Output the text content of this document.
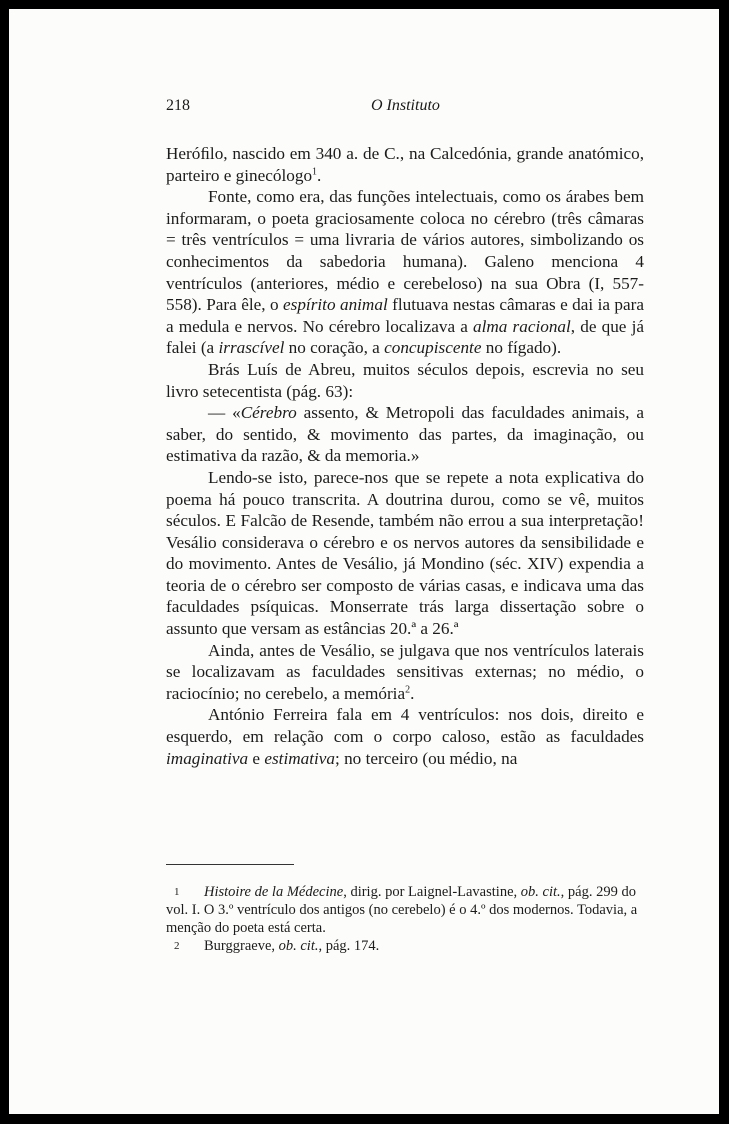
218	O Instituto

Heróﬁlo, nascido em 340 a. de C., na Calcedónia, grande anatómico, parteiro e ginecólogo$^1$.

Fonte, como era, das funções intelectuais, como os árabes bem informaram, o poeta graciosamente coloca no cérebro (três câmaras = três ventrículos = uma livraria de vários autores, simbolizando os conhecimentos da sabedoria humana). Galeno menciona 4 ventrículos (anteriores, médio e cerebeloso) na sua Obra (I, 557-558). Para êle, o espírito animal flutuava nestas câmaras e dai ia para a medula e nervos. No cérebro localizava a alma racional, de que já falei (a irrascível no coração, a concupiscente no fígado).

Brás Luís de Abreu, muitos séculos depois, escrevia no seu livro setecentista (pág. 63):

— «Cérebro assento, & Metropoli das faculdades animais, a saber, do sentido, & movimento das partes, da imaginação, ou estimativa da razão, & da memoria.»

Lendo-se isto, parece-nos que se repete a nota explicativa do poema há pouco transcrita. A doutrina durou, como se vê, muitos séculos. E Falcão de Resende, também não errou a sua interpretação! Vesálio considerava o cérebro e os nervos autores da sensibilidade e do movimento. Antes de Vesálio, já Mondino (séc. XIV) expendia a teoria de o cérebro ser composto de várias casas, e indicava uma das faculdades psíquicas. Monserrate trás larga dissertação sobre o assunto que versam as estâncias 20.ª a 26.ª

Ainda, antes de Vesálio, se julgava que nos ventrículos laterais se localizavam as faculdades sensitivas externas; no médio, o raciocínio; no cerebelo, a memória$^2$.

António Ferreira fala em 4 ventrículos: nos dois, direito e esquerdo, em relação com o corpo caloso, estão as faculdades imaginativa e estimativa; no terceiro (ou médio, na

1 Histoire de la Médecine, dirig. por Laignel-Lavastine, ob. cit., pág. 299 do vol. I. O 3.º ventrículo dos antigos (no cerebelo) é o 4.º dos modernos. Todavia, a menção do poeta está certa.

2 Burggraeve, ob. cit., pág. 174.
